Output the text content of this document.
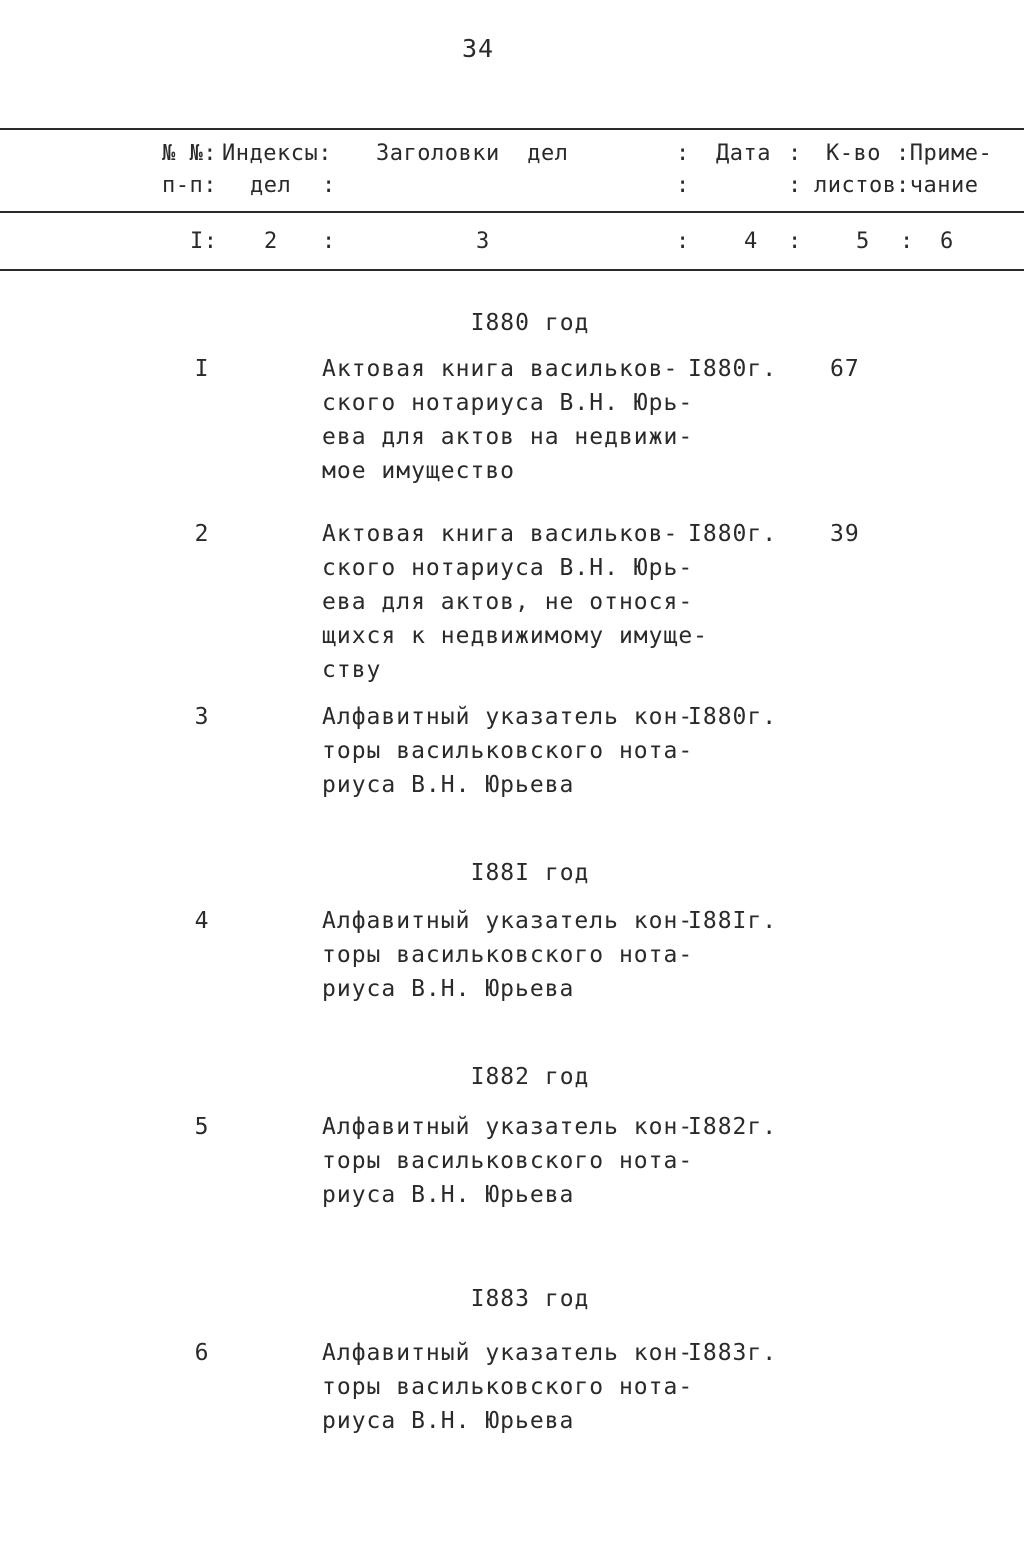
34
№ №: Индексы: Заголовки  дел	: Дата : К-во :Приме-
п-п: дел :	:	: листов :чание
I: 2 :	3	: 4 : 5 : 6
I880 год
I	Актовая книга васильков-
ского нотариуса В.Н. Юрь-
ева для актов на недвижи-
мое имущество
I880г. 67
2	Актовая книга васильков-
ского нотариуса В.Н. Юрь-
ева для актов, не относя-
щихся к недвижимому имуще-
ству
I880г. 39
3	Алфавитный указатель кон-
торы васильковского нота-
риуса В.Н. Юрьева
I880г.
I88I год
4	Алфавитный указатель кон-
торы васильковского нота-
риуса В.Н. Юрьева
I88Iг.
I882 год
5	Алфавитный указатель кон-
торы васильковского нота-
риуса В.Н. Юрьева
I882г.
I883 год
6	Алфавитный указатель кон-
торы васильковского нота-
риуса В.Н. Юрьева
I883г.
